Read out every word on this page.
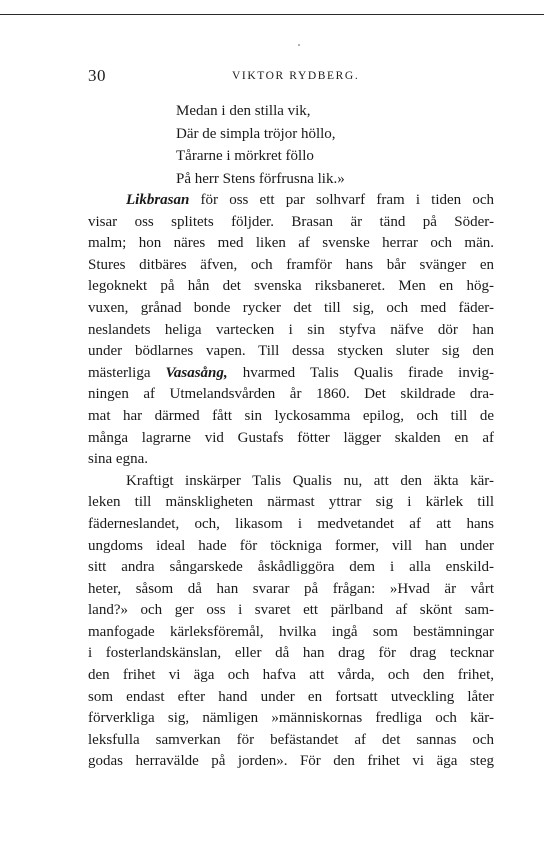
30	VIKTOR RYDBERG.
Medan i den stilla vik,
Där de simpla tröjor höllo,
Tårarne i mörkret föllo
På herr Stens förfrusna lik.»
Likbrasan för oss ett par solhvarf fram i tiden och
visar oss splitets följder. Brasan är tänd på Söder-
malm; hon näres med liken af svenske herrar och män.
Stures ditbäres äfven, och framför hans bår svänger en
legoknekt på hån det svenska riksbaneret. Men en hög-
vuxen, grånad bonde rycker det till sig, och med fäder-
neslandets heliga vartecken i sin styfva näfve dör han
under bödlarnes vapen. Till dessa stycken sluter sig den
mästerliga Vasasång, hvarmed Talis Qualis firade invig-
ningen af Utmelandsvården år 1860. Det skildrade dra-
mat har därmed fått sin lyckosamma epilog, och till de
många lagrarne vid Gustafs fötter lägger skalden en af
sina egna.
Kraftigt inskärper Talis Qualis nu, att den äkta kär-
leken till mänskligheten närmast yttrar sig i kärlek till
fäderneslandet, och, likasom i medvetandet af att hans
ungdoms ideal hade för töckniga former, vill han under
sitt andra sångarskede åskådliggöra dem i alla enskild-
heter, såsom då han svarar på frågan: »Hvad är vårt
land?» och ger oss i svaret ett pärlband af skönt sam-
manfogade kärleksföremål, hvilka ingå som bestämningar
i fosterlandskänslan, eller då han drag för drag tecknar
den frihet vi äga och hafva att vårda, och den frihet,
som endast efter hand under en fortsatt utveckling låter
förverkliga sig, nämligen »människornas fredliga och kär-
leksfulla samverkan för befästandet af det sannas och
godas herravälde på jorden». För den frihet vi äga steg
